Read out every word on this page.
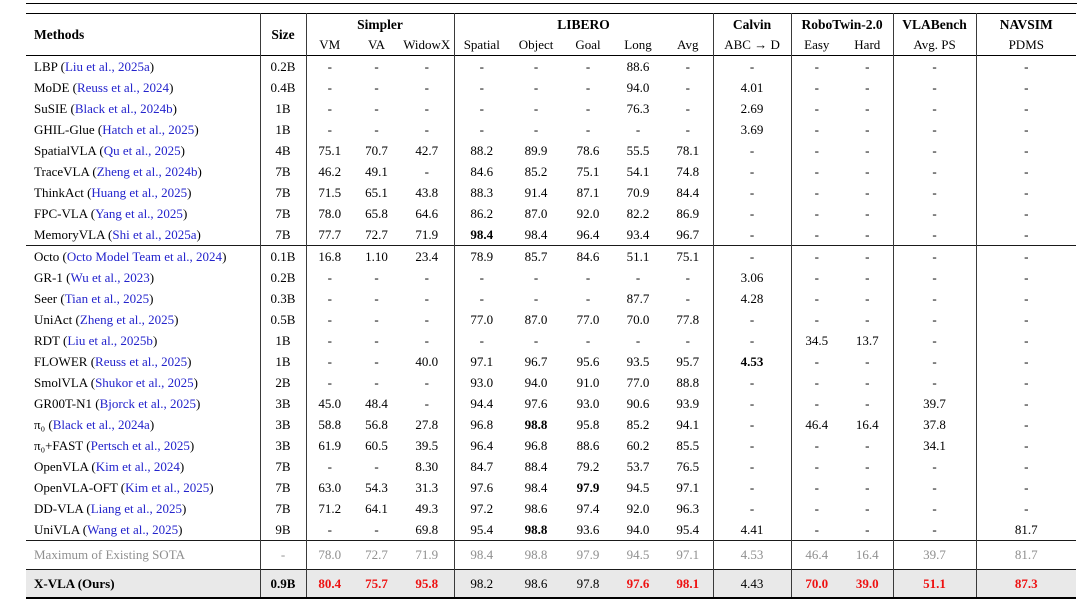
Methods	Size	Simpler			LIBERO					Calvin	RoboTwin-2.0		VLABench	NAVSIM
		VM	VA	WidowX	Spatial	Object	Goal	Long	Avg	ABC → D	Easy	Hard	Avg. PS	PDMS
LBP (Liu et al., 2025a)	0.2B	-	-	-	-	-	-	88.6	-	-	-	-	-	-
MoDE (Reuss et al., 2024)	0.4B	-	-	-	-	-	-	94.0	-	4.01	-	-	-	-
SuSIE (Black et al., 2024b)	1B	-	-	-	-	-	-	76.3	-	2.69	-	-	-	-
GHIL-Glue (Hatch et al., 2025)	1B	-	-	-	-	-	-	-	-	3.69	-	-	-	-
SpatialVLA (Qu et al., 2025)	4B	75.1	70.7	42.7	88.2	89.9	78.6	55.5	78.1	-	-	-	-	-
TraceVLA (Zheng et al., 2024b)	7B	46.2	49.1	-	84.6	85.2	75.1	54.1	74.8	-	-	-	-	-
ThinkAct (Huang et al., 2025)	7B	71.5	65.1	43.8	88.3	91.4	87.1	70.9	84.4	-	-	-	-	-
FPC-VLA (Yang et al., 2025)	7B	78.0	65.8	64.6	86.2	87.0	92.0	82.2	86.9	-	-	-	-	-
MemoryVLA (Shi et al., 2025a)	7B	77.7	72.7	71.9	98.4	98.4	96.4	93.4	96.7	-	-	-	-	-
Octo (Octo Model Team et al., 2024)	0.1B	16.8	1.10	23.4	78.9	85.7	84.6	51.1	75.1	-	-	-	-	-
GR-1 (Wu et al., 2023)	0.2B	-	-	-	-	-	-	-	-	3.06	-	-	-	-
Seer (Tian et al., 2025)	0.3B	-	-	-	-	-	-	87.7	-	4.28	-	-	-	-
UniAct (Zheng et al., 2025)	0.5B	-	-	-	77.0	87.0	77.0	70.0	77.8	-	-	-	-	-
RDT (Liu et al., 2025b)	1B	-	-	-	-	-	-	-	-	-	34.5	13.7	-	-
FLOWER (Reuss et al., 2025)	1B	-	-	40.0	97.1	96.7	95.6	93.5	95.7	4.53	-	-	-	-
SmolVLA (Shukor et al., 2025)	2B	-	-	-	93.0	94.0	91.0	77.0	88.8	-	-	-	-	-
GR00T-N1 (Bjorck et al., 2025)	3B	45.0	48.4	-	94.4	97.6	93.0	90.6	93.9	-	-	-	39.7	-
π₀ (Black et al., 2024a)	3B	58.8	56.8	27.8	96.8	98.8	95.8	85.2	94.1	-	46.4	16.4	37.8	-
π₀+FAST (Pertsch et al., 2025)	3B	61.9	60.5	39.5	96.4	96.8	88.6	60.2	85.5	-	-	-	34.1	-
OpenVLA (Kim et al., 2024)	7B	-	-	8.30	84.7	88.4	79.2	53.7	76.5	-	-	-	-	-
OpenVLA-OFT (Kim et al., 2025)	7B	63.0	54.3	31.3	97.6	98.4	97.9	94.5	97.1	-	-	-	-	-
DD-VLA (Liang et al., 2025)	7B	71.2	64.1	49.3	97.2	98.6	97.4	92.0	96.3	-	-	-	-	-
UniVLA (Wang et al., 2025)	9B	-	-	69.8	95.4	98.8	93.6	94.0	95.4	4.41	-	-	-	81.7
Maximum of Existing SOTA	-	78.0	72.7	71.9	98.4	98.8	97.9	94.5	97.1	4.53	46.4	16.4	39.7	81.7
X-VLA (Ours)	0.9B	80.4	75.7	95.8	98.2	98.6	97.8	97.6	98.1	4.43	70.0	39.0	51.1	87.3
